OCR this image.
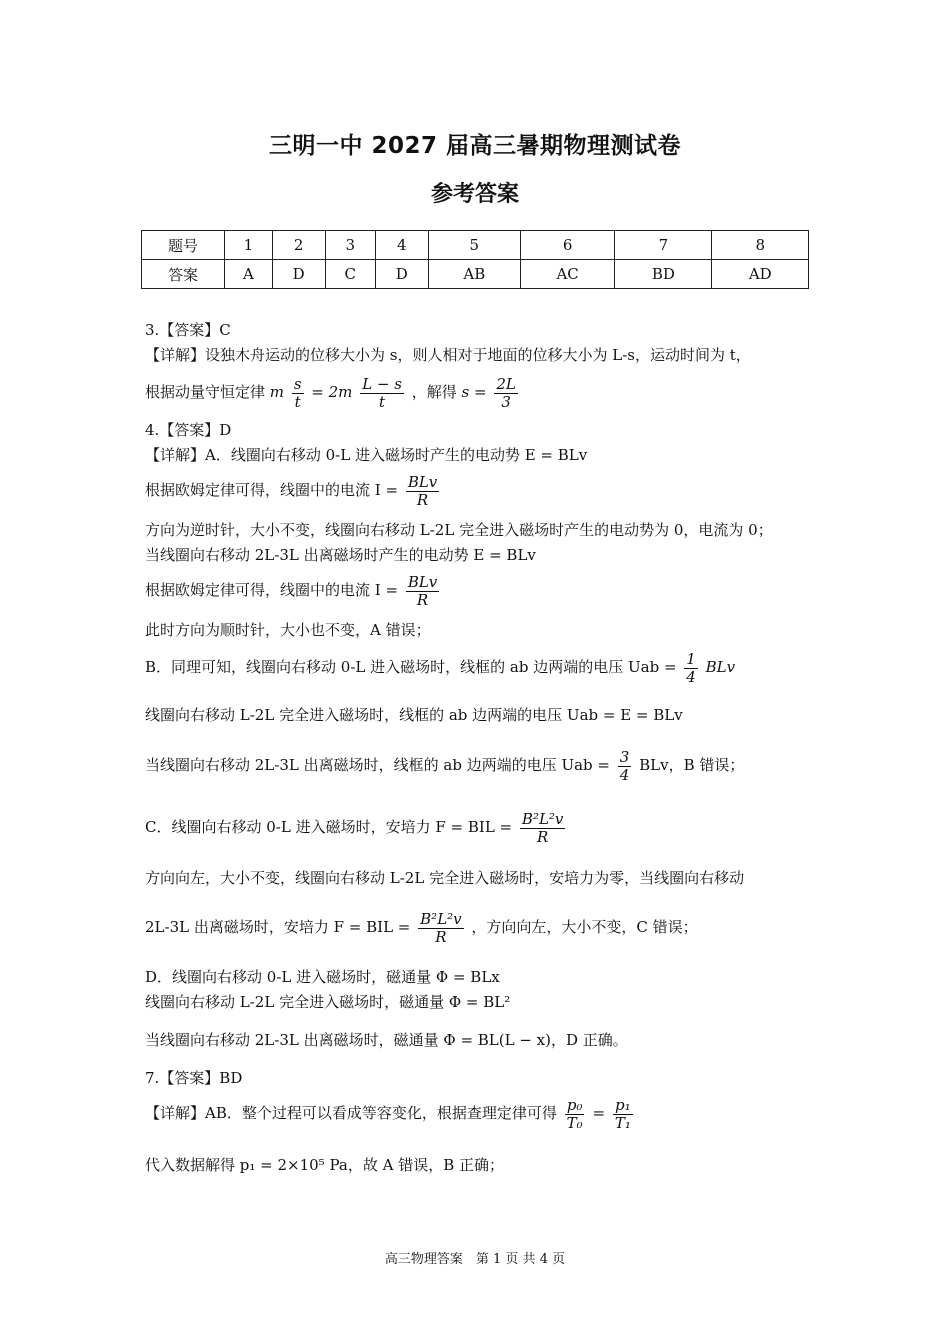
三明一中 2027 届高三暑期物理测试卷
参考答案
题号	1	2	3	4	5	6	7	8
答案	A	D	C	D	AB	AC	BD	AD
3.【答案】C
【详解】设独木舟运动的位移大小为 s，则人相对于地面的位移大小为 L-s，运动时间为 t，
根据动量守恒定律 m $\frac{s}{t} = 2m \frac{L - s}{t}$ ，解得 $s = \frac{2L}{3}$
4.【答案】D
【详解】A．线圈向右移动 0-L 进入磁场时产生的电动势 E = BLv
根据欧姆定律可得，线圈中的电流 $I = \frac{\text{BLv}}{R}$
方向为逆时针，大小不变，线圈向右移动 L-2L 完全进入磁场时产生的电动势为 0，电流为 0；
当线圈向右移动 2L-3L 出离磁场时产生的电动势 E = BLv
根据欧姆定律可得，线圈中的电流 $I = \frac{\text{BLv}}{R}$
此时方向为顺时针，大小也不变，A 错误；
B．同理可知，线圈向右移动 0-L 进入磁场时，线框的 ab 边两端的电压 Uab = $\frac{1}{4}$ BLv
线圈向右移动 L-2L 完全进入磁场时，线框的 ab 边两端的电压 Uab = E = BLv
当线圈向右移动 2L-3L 出离磁场时，线框的 ab 边两端的电压 Uab = $\frac{3}{4}$ BLv，B 错误；
C．线圈向右移动 0-L 进入磁场时，安培力 F = BIL = $\frac{\text{B²L²v}}{R}$
方向向左，大小不变，线圈向右移动 L-2L 完全进入磁场时，安培力为零，当线圈向右移动
2L-3L 出离磁场时，安培力 F = BIL = $\frac{\text{B²L²v}}{R}$ ，方向向左，大小不变，C 错误；
D．线圈向右移动 0-L 进入磁场时，磁通量 Φ = BLx
线圈向右移动 L-2L 完全进入磁场时，磁通量 Φ = BL²
当线圈向右移动 2L-3L 出离磁场时，磁通量 Φ = BL(L − x)，D 正确。
7.【答案】BD
【详解】AB．整个过程可以看成等容变化，根据查理定律可得 $\frac{\text{p₀}}{\text{T₀}} = \frac{\text{p₁}}{\text{T₁}}$
代入数据解得 p₁ = 2×10⁵ Pa，故 A 错误，B 正确；
高三物理答案　第 1 页 共 4 页
